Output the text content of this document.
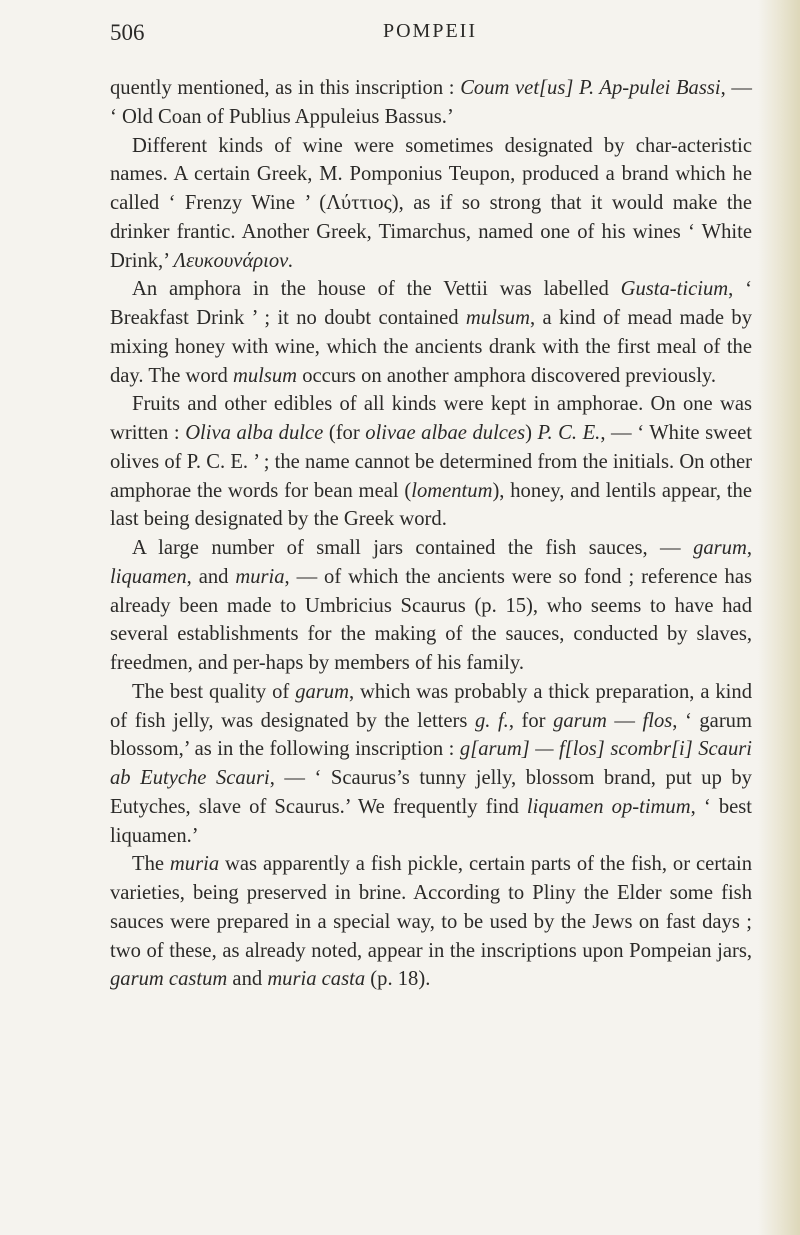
506	POMPEII

quently mentioned, as in this inscription : Coum vet[us] P. Ap-pulei Bassi, — ‘ Old Coan of Publius Appuleius Bassus.’

Different kinds of wine were sometimes designated by char-acteristic names. A certain Greek, M. Pomponius Teupon, produced a brand which he called ‘ Frenzy Wine ’ (Λύττιος), as if so strong that it would make the drinker frantic. Another Greek, Timarchus, named one of his wines ‘ White Drink,’ Λευκουνάριον.

An amphora in the house of the Vettii was labelled Gusta-ticium, ‘ Breakfast Drink ’ ; it no doubt contained mulsum, a kind of mead made by mixing honey with wine, which the ancients drank with the first meal of the day. The word mulsum occurs on another amphora discovered previously.

Fruits and other edibles of all kinds were kept in amphorae. On one was written : Oliva alba dulce (for olivae albae dulces) P. C. E., — ‘ White sweet olives of P. C. E. ’ ; the name cannot be determined from the initials. On other amphorae the words for bean meal (lomentum), honey, and lentils appear, the last being designated by the Greek word.

A large number of small jars contained the fish sauces, — garum, liquamen, and muria, — of which the ancients were so fond ; reference has already been made to Umbricius Scaurus (p. 15), who seems to have had several establishments for the making of the sauces, conducted by slaves, freedmen, and per-haps by members of his family.

The best quality of garum, which was probably a thick preparation, a kind of fish jelly, was designated by the letters g. f., for garum — flos, ‘ garum blossom,’ as in the following inscription : g[arum] — f[los] scombr[i] Scauri ab Eutyche Scauri, — ‘ Scaurus’s tunny jelly, blossom brand, put up by Eutyches, slave of Scaurus.’ We frequently find liquamen op-timum, ‘ best liquamen.’

The muria was apparently a fish pickle, certain parts of the fish, or certain varieties, being preserved in brine. According to Pliny the Elder some fish sauces were prepared in a special way, to be used by the Jews on fast days ; two of these, as already noted, appear in the inscriptions upon Pompeian jars, garum castum and muria casta (p. 18).
